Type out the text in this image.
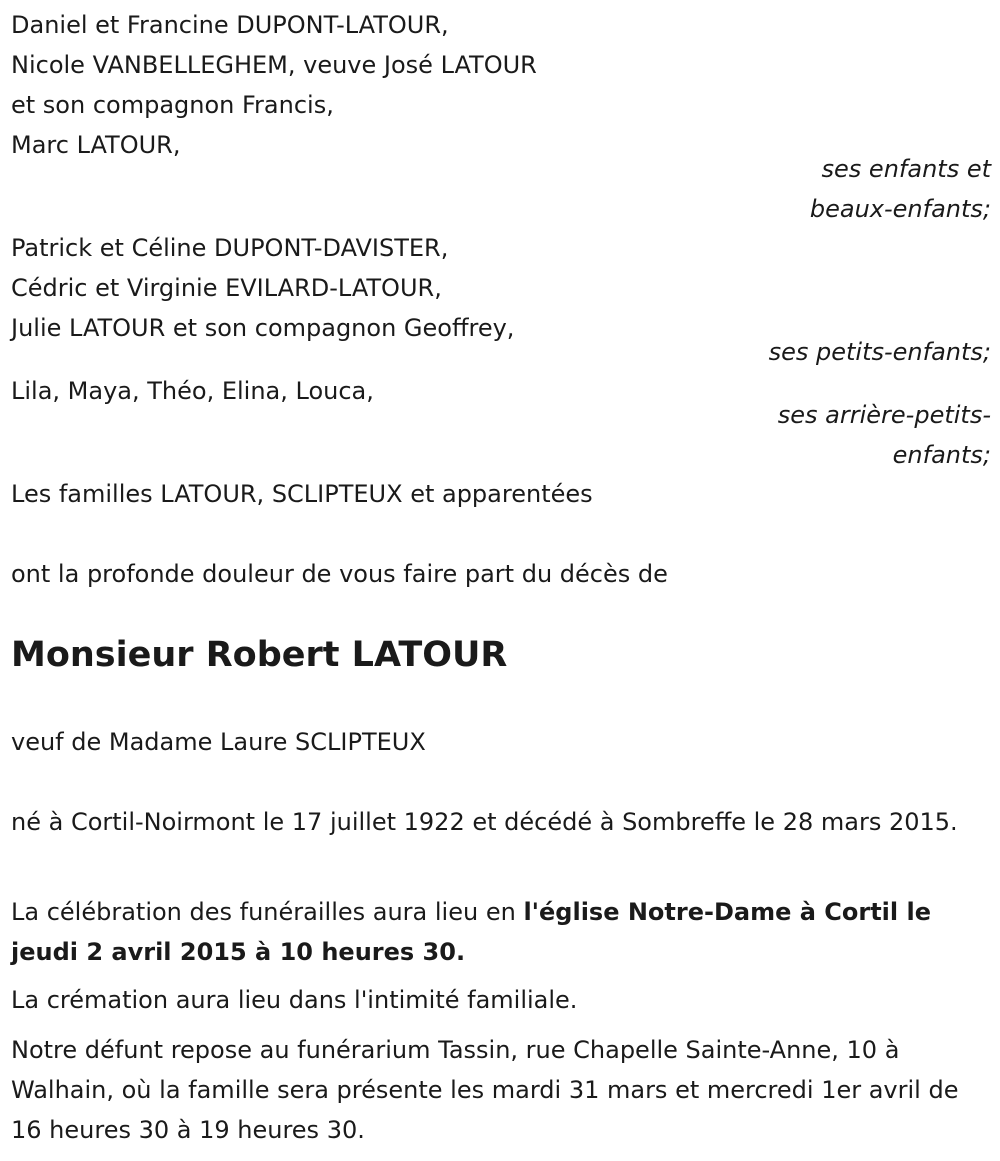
Daniel et Francine DUPONT-LATOUR,
Nicole VANBELLEGHEM, veuve José LATOUR
et son compagnon Francis,
Marc LATOUR,
ses enfants et
beaux-enfants;
Patrick et Céline DUPONT-DAVISTER,
Cédric et Virginie EVILARD-LATOUR,
Julie LATOUR et son compagnon Geoffrey,
ses petits-enfants;
Lila, Maya, Théo, Elina, Louca,
ses arrière-petits-
enfants;
Les familles LATOUR, SCLIPTEUX et apparentées
ont la profonde douleur de vous faire part du décès de
Monsieur Robert LATOUR
veuf de Madame Laure SCLIPTEUX
né à Cortil-Noirmont le 17 juillet 1922 et décédé à Sombreffe le 28 mars 2015.
La célébration des funérailles aura lieu en l'église Notre-Dame à Cortil le jeudi 2 avril 2015 à 10 heures 30.
La crémation aura lieu dans l'intimité familiale.
Notre défunt repose au funérarium Tassin, rue Chapelle Sainte-Anne, 10 à Walhain, où la famille sera présente les mardi 31 mars et mercredi 1er avril de 16 heures 30 à 19 heures 30.
